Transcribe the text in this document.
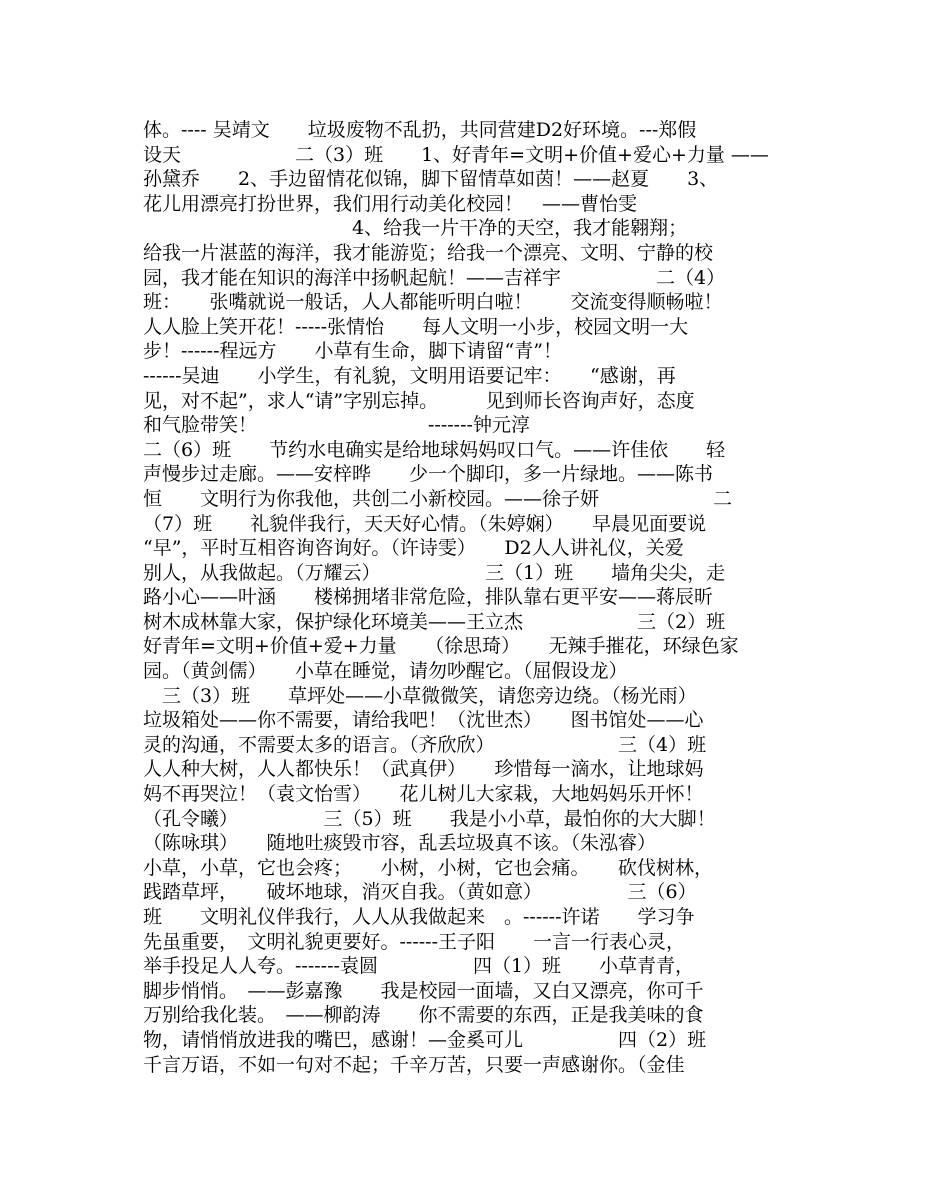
体。---- 吴靖文　　垃圾废物不乱扔，共同营建D2好环境。---郑假
设天　　　　　　二（3）班　　1、好青年=文明+价值+爱心+力量 ——
孙黛乔　　2、手边留情花似锦，脚下留情草如茵！——赵夏　　3、
花儿用漂亮打扮世界，我们用行动美化校园！　——曹怡雯
　　　　　　　　　　　4、给我一片干净的天空，我才能翱翔；
给我一片湛蓝的海洋，我才能游览；给我一个漂亮、文明、宁静的校
园，我才能在知识的海洋中扬帆起航！——吉祥宇　　　　　二（4）
班：　　张嘴就说一般话，人人都能听明白啦！　　交流变得顺畅啦！
人人脸上笑开花！-----张情怡　　每人文明一小步，校园文明一大
步！------程远方　　小草有生命，脚下请留“青”！
------吴迪　　小学生，有礼貌，文明用语要记牢：　　“感谢，再
见，对不起”，求人“请”字别忘掉。　　　见到师长咨询声好，态度
和气脸带笑！　　　　　　　　　-------钟元淳
二（6）班　　节约水电确实是给地球妈妈叹口气。——许佳依　　轻
声慢步过走廊。——安梓晔　　少一个脚印，多一片绿地。——陈书
恒　　文明行为你我他，共创二小新校园。——徐子妍　　　　　　二
（7）班　　礼貌伴我行，天天好心情。（朱婷娴）　　早晨见面要说
“早”，平时互相咨询咨询好。（许诗雯）　　D2人人讲礼仪，关爱
别人，从我做起。（万耀云）　　　　　　三（1）班　　墙角尖尖，走
路小心——叶涵　　楼梯拥堵非常危险，排队靠右更平安——蒋辰昕
树木成林靠大家，保护绿化环境美——王立杰　　　　　　三（2）班
好青年=文明+价值+爱+力量　　（徐思琦）　　无辣手摧花，环绿色家
园。（黄剑儒）　　小草在睡觉，请勿吵醒它。（屈假设龙）
　三（3）班　　草坪处——小草微微笑，请您旁边绕。（杨光雨）
垃圾箱处——你不需要，请给我吧！（沈世杰）　　图书馆处——心
灵的沟通，不需要太多的语言。（齐欣欣）　　　　　　　三（4）班
人人种大树，人人都快乐！（武真伊）　　珍惜每一滴水，让地球妈
妈不再哭泣！（袁文怡雪）　　花儿树儿大家栽，大地妈妈乐开怀！
（孔令曦）　　　　　三（5）班　　我是小小草，最怕你的大大脚！
（陈咏琪）　　随地吐痰毁市容，乱丢垃圾真不该。（朱泓睿）
小草，小草，它也会疼；　　小树，小树，它也会痛。　　砍伐树林，
践踏草坪，　　破坏地球，消灭自我。（黄如意）　　　　　三（6）
班　　文明礼仪伴我行，人人从我做起来　。------许诺　　学习争
先虽重要，　文明礼貌更要好。------王子阳　　一言一行表心灵，
举手投足人人夸。-------袁圆　　　　　四（1）班　　小草青青，
脚步悄悄。　——彭嘉豫　　我是校园一面墙，又白又漂亮，你可千
万别给我化装。　——柳韵涛　　你不需要的东西，正是我美味的食
物，请悄悄放进我的嘴巴，感谢！—金奚可儿　　　　　四（2）班
千言万语，不如一句对不起；千辛万苦，只要一声感谢你。（金佳
